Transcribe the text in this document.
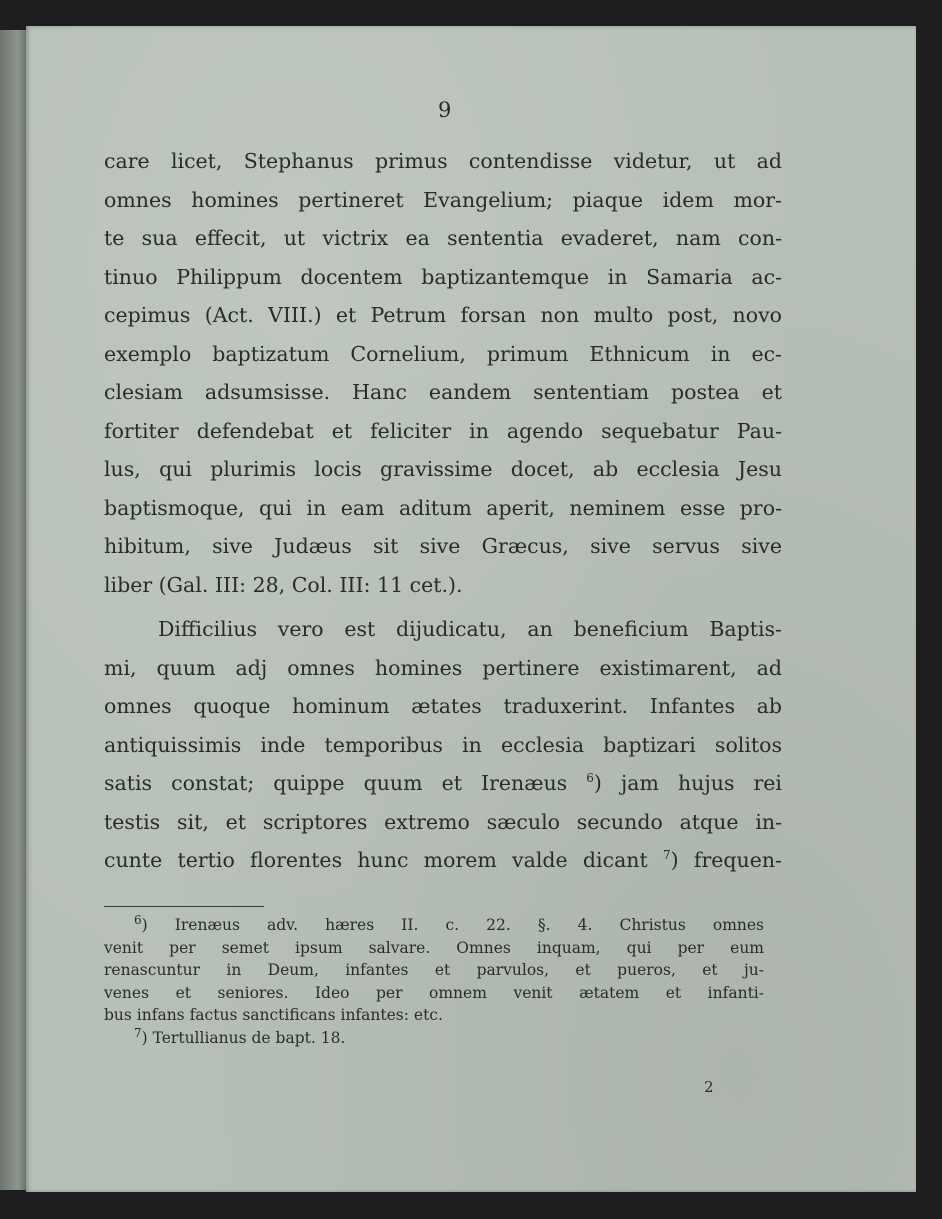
9
care licet, Stephanus primus contendisse videtur, ut ad
omnes homines pertineret Evangelium; piaque idem mor-
te sua effecit, ut victrix ea sententia evaderet, nam con-
tinuo Philippum docentem baptizantemque in Samaria ac-
cepimus (Act. VIII.) et Petrum forsan non multo post, novo
exemplo baptizatum Cornelium, primum Ethnicum in ec-
clesiam adsumsisse. Hanc eandem sententiam postea et
fortiter defendebat et feliciter in agendo sequebatur Pau-
lus, qui plurimis locis gravissime docet, ab ecclesia Jesu
baptismoque, qui in eam aditum aperit, neminem esse pro-
hibitum, sive Judæus sit sive Græcus, sive servus sive
liber (Gal. III: 28, Col. III: 11 cet.).
Difficilius vero est dijudicatu, an beneficium Baptis-
mi, quum adj omnes homines pertinere existimarent, ad
omnes quoque hominum ætates traduxerint. Infantes ab
antiquissimis inde temporibus in ecclesia baptizari solitos
satis constat; quippe quum et Irenæus $^6$) jam hujus rei
testis sit, et scriptores extremo sæculo secundo atque in-
cunte tertio florentes hunc morem valde dicant $^7$) frequen-
$^6$) Irenæus adv. hæres II. c. 22. §. 4. Christus omnes
venit per semet ipsum salvare. Omnes inquam, qui per eum
renascuntur in Deum, infantes et parvulos, et pueros, et ju-
venes et seniores. Ideo per omnem venit ætatem et infanti-
bus infans factus sanctificans infantes: etc.
$^7$) Tertullianus de bapt. 18.
2
